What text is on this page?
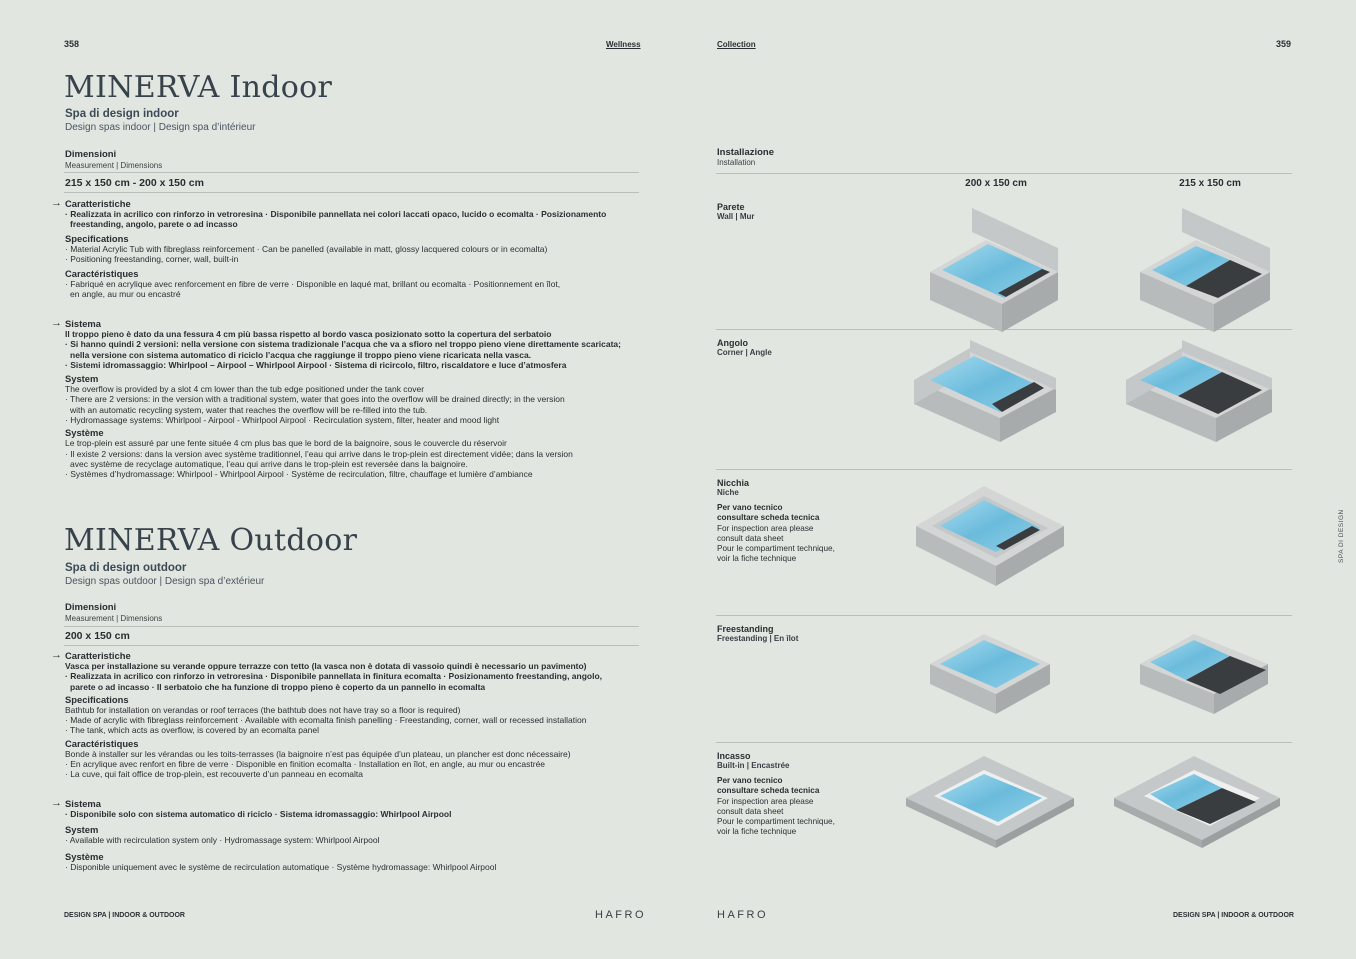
358	Wellness
MINERVA Indoor
Spa di design indoor
Design spas indoor | Design spa d’intérieur
Dimensioni
Measurement | Dimensions
215 x 150 cm - 200 x 150 cm
→ Caratteristiche
· Realizzata in acrilico con rinforzo in vetroresina · Disponibile pannellata nei colori laccati opaco, lucido o ecomalta · Posizionamento
freestanding, angolo, parete o ad incasso
Specifications
· Material Acrylic Tub with fibreglass reinforcement · Can be panelled (available in matt, glossy lacquered colours or in ecomalta)
· Positioning freestanding, corner, wall, built-in
Caractéristiques
· Fabriqué en acrylique avec renforcement en fibre de verre · Disponible en laqué mat, brillant ou ecomalta · Positionnement en îlot,
en angle, au mur ou encastré
→ Sistema
Il troppo pieno è dato da una fessura 4 cm più bassa rispetto al bordo vasca posizionato sotto la copertura del serbatoio
· Si hanno quindi 2 versioni: nella versione con sistema tradizionale l’acqua che va a sfioro nel troppo pieno viene direttamente scaricata;
nella versione con sistema automatico di riciclo l’acqua che raggiunge il troppo pieno viene ricaricata nella vasca.
· Sistemi idromassaggio: Whirlpool – Airpool – Whirlpool Airpool · Sistema di ricircolo, filtro, riscaldatore e luce d’atmosfera
System
The overflow is provided by a slot 4 cm lower than the tub edge positioned under the tank cover
· There are 2 versions: in the version with a traditional system, water that goes into the overflow will be drained directly; in the version
with an automatic recycling system, water that reaches the overflow will be re-filled into the tub.
· Hydromassage systems: Whirlpool - Airpool - Whirlpool Airpool · Recirculation system, filter, heater and mood light
Système
Le trop-plein est assuré par une fente située 4 cm plus bas que le bord de la baignoire, sous le couvercle du réservoir
· Il existe 2 versions: dans la version avec système traditionnel, l’eau qui arrive dans le trop-plein est directement vidée; dans la version
avec système de recyclage automatique, l’eau qui arrive dans le trop-plein est reversée dans la baignoire.
· Systèmes d’hydromassage: Whirlpool - Whirlpool Airpool · Système de recirculation, filtre, chauffage et lumière d’ambiance
MINERVA Outdoor
Spa di design outdoor
Design spas outdoor | Design spa d’extérieur
Dimensioni
Measurement | Dimensions
200 x 150 cm
→ Caratteristiche
Vasca per installazione su verande oppure terrazze con tetto (la vasca non è dotata di vassoio quindi è necessario un pavimento)
· Realizzata in acrilico con rinforzo in vetroresina · Disponibile pannellata in finitura ecomalta · Posizionamento freestanding, angolo,
parete o ad incasso · Il serbatoio che ha funzione di troppo pieno è coperto da un pannello in ecomalta
Specifications
Bathtub for installation on verandas or roof terraces (the bathtub does not have tray so a floor is required)
· Made of acrylic with fibreglass reinforcement · Available with ecomalta finish panelling · Freestanding, corner, wall or recessed installation
· The tank, which acts as overflow, is covered by an ecomalta panel
Caractéristiques
Bonde à installer sur les vérandas ou les toits-terrasses (la baignoire n’est pas équipée d’un plateau, un plancher est donc nécessaire)
· En acrylique avec renfort en fibre de verre · Disponible en finition ecomalta · Installation en îlot, en angle, au mur ou encastrée
· La cuve, qui fait office de trop-plein, est recouverte d’un panneau en ecomalta
→ Sistema
· Disponibile solo con sistema automatico di riciclo · Sistema idromassaggio: Whirlpool Airpool
System
· Available with recirculation system only · Hydromassage system: Whirlpool Airpool
Système
· Disponible uniquement avec le système de recirculation automatique · Système hydromassage: Whirlpool Airpool
DESIGN SPA | INDOOR & OUTDOOR	HAFRO
Collection	359
Installazione
Installation
200 x 150 cm	215 x 150 cm
Parete
Wall | Mur
Angolo
Corner | Angle
Nicchia
Niche
Per vano tecnico
consultare scheda tecnica
For inspection area please
consult data sheet
Pour le compartiment technique,
voir la fiche technique
Freestanding
Freestanding | En îlot
Incasso
Built-in | Encastrée
Per vano tecnico
consultare scheda tecnica
For inspection area please
consult data sheet
Pour le compartiment technique,
voir la fiche technique
SPA DI DESIGN
HAFRO	DESIGN SPA | INDOOR & OUTDOOR
